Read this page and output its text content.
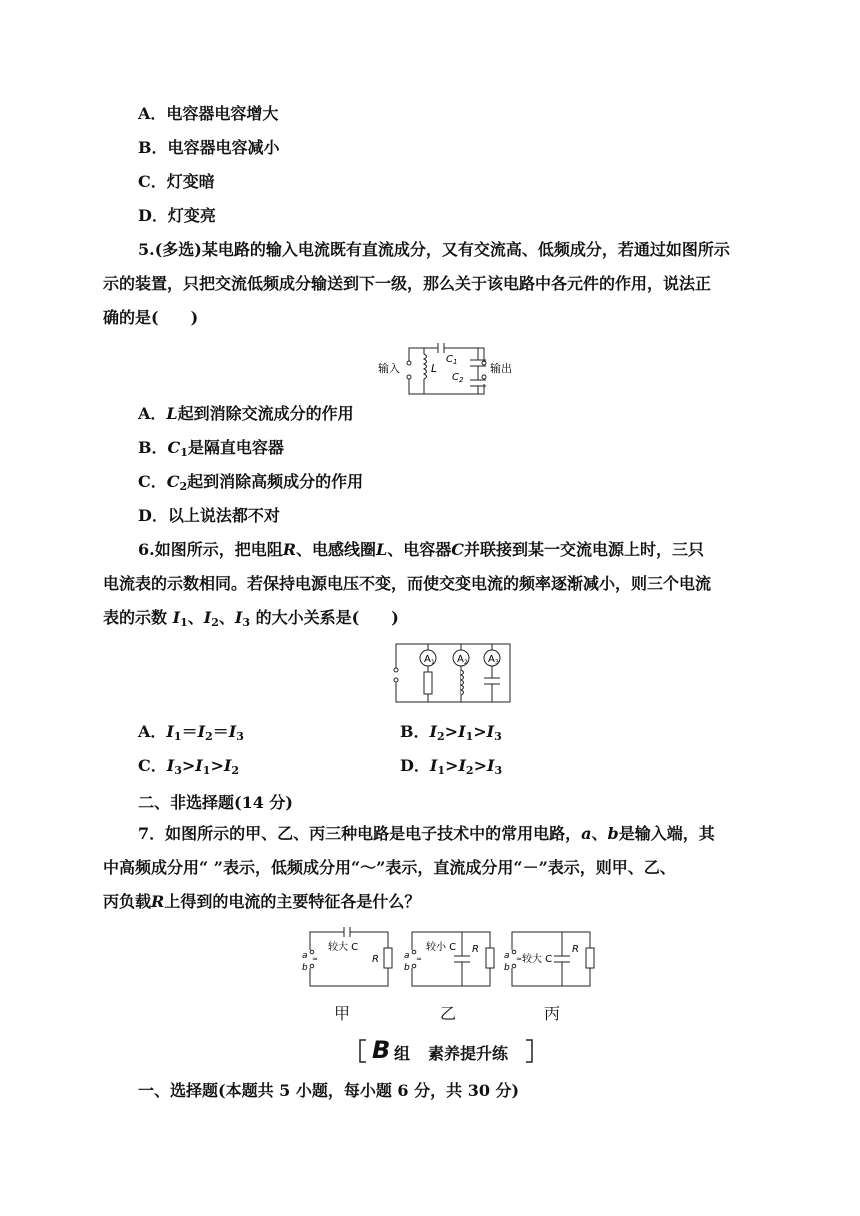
A．电容器电容增大
B．电容器电容减小
C．灯变暗
D．灯变亮
5.(多选)某电路的输入电流既有直流成分，又有交流高、低频成分，若通过如图所示
示的装置，只把交流低频成分输送到下一级，那么关于该电路中各元件的作用，说法正
确的是(　　)
输入	L
$C_1$
$C_2$
输出
A．L起到消除交流成分的作用
B．$C_1$是隔直电容器
C．$C_2$起到消除高频成分的作用
D．以上说法都不对
6.如图所示，把电阻R、电感线圈L、电容器C并联接到某一交流电源上时，三只
电流表的示数相同。若保持电源电压不变，而使交变电流的频率逐渐减小，则三个电流
表的示数 $I_1$、$I_2$、$I_3$ 的大小关系是(　　)
A 1 A 2 A 3
A．$I_1=I_2=I_3$	B．$I_2>I_1>I_3$
C．$I_3>I_1>I_2$	D．$I_1>I_2>I_3$
二、非选择题(14 分)
7．如图所示的甲、乙、丙三种电路是电子技术中的常用电路，a、b是输入端，其
中高频成分用“ ”表示，低频成分用“～”表示，直流成分用“－”表示，则甲、乙、
丙负载R上得到的电流的主要特征各是什么？
a
b
≈
较大 C
R	a
b
≈
较小 C R
a
b
≈ 较大 C
R
甲	乙	丙
B 组 素养提升练
一、选择题(本题共 5 小题，每小题 6 分，共 30 分)
